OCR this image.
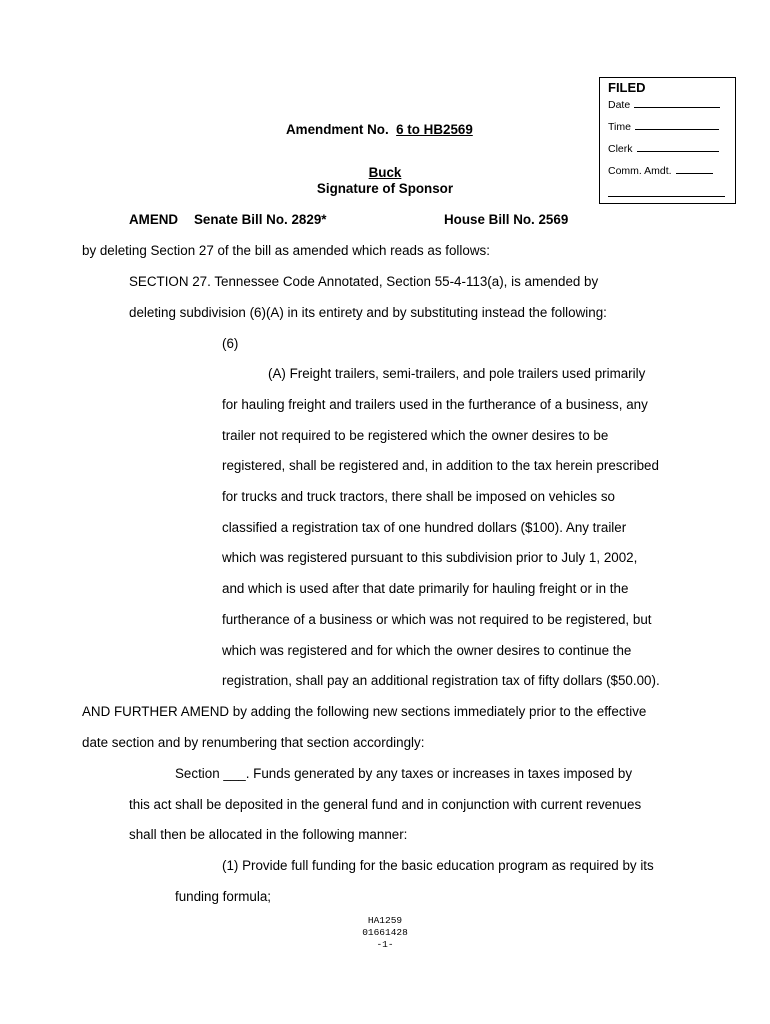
FILED
Date
Time
Clerk
Comm. Amdt.
Amendment No. 6 to HB2569
Buck
Signature of Sponsor
AMEND Senate Bill No. 2829*	House Bill No. 2569
by deleting Section 27 of the bill as amended which reads as follows:
SECTION 27. Tennessee Code Annotated, Section 55-4-113(a), is amended by
deleting subdivision (6)(A) in its entirety and by substituting instead the following:
(6)
(A) Freight trailers, semi-trailers, and pole trailers used primarily
for hauling freight and trailers used in the furtherance of a business, any
trailer not required to be registered which the owner desires to be
registered, shall be registered and, in addition to the tax herein prescribed
for trucks and truck tractors, there shall be imposed on vehicles so
classified a registration tax of one hundred dollars ($100). Any trailer
which was registered pursuant to this subdivision prior to July 1, 2002,
and which is used after that date primarily for hauling freight or in the
furtherance of a business or which was not required to be registered, but
which was registered and for which the owner desires to continue the
registration, shall pay an additional registration tax of fifty dollars ($50.00).
AND FURTHER AMEND by adding the following new sections immediately prior to the effective
date section and by renumbering that section accordingly:
Section ___. Funds generated by any taxes or increases in taxes imposed by
this act shall be deposited in the general fund and in conjunction with current revenues
shall then be allocated in the following manner:
(1) Provide full funding for the basic education program as required by its
funding formula;
HA1259
01661428
-1-
